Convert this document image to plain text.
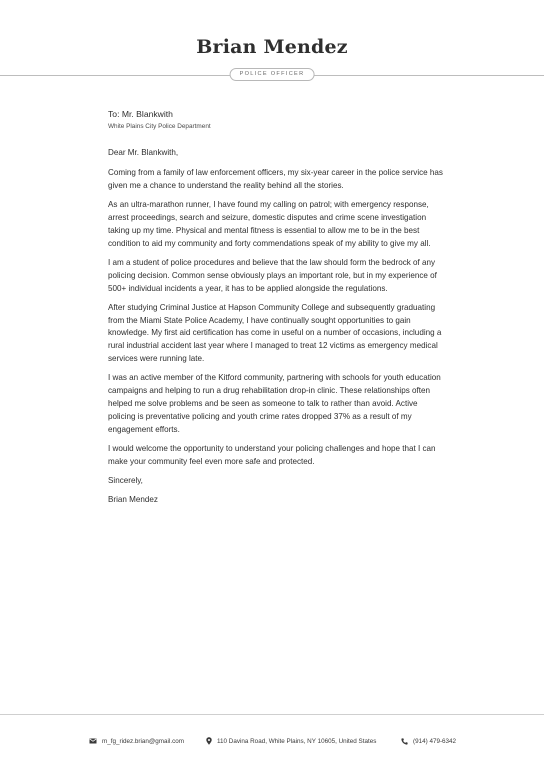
Brian Mendez
POLICE OFFICER
To: Mr. Blankwith
White Plains City Police Department

Dear Mr. Blankwith,

Coming from a family of law enforcement officers, my six-year career in the police service has given me a chance to understand the reality behind all the stories.

As an ultra-marathon runner, I have found my calling on patrol; with emergency response, arrest proceedings, search and seizure, domestic disputes and crime scene investigation taking up my time. Physical and mental fitness is essential to allow me to be in the best condition to aid my community and forty commendations speak of my ability to give my all.

I am a student of police procedures and believe that the law should form the bedrock of any policing decision. Common sense obviously plays an important role, but in my experience of 500+ individual incidents a year, it has to be applied alongside the regulations.

After studying Criminal Justice at Hapson Community College and subsequently graduating from the Miami State Police Academy, I have continually sought opportunities to gain knowledge. My first aid certification has come in useful on a number of occasions, including a rural industrial accident last year where I managed to treat 12 victims as emergency medical services were running late.

I was an active member of the Kitford community, partnering with schools for youth education campaigns and helping to run a drug rehabilitation drop-in clinic. These relationships often helped me solve problems and be seen as someone to talk to rather than avoid. Active policing is preventative policing and youth crime rates dropped 37% as a result of my engagement efforts.

I would welcome the opportunity to understand your policing challenges and hope that I can make your community feel even more safe and protected.

Sincerely,

Brian Mendez

m_fg_ridez.brian@gmail.com	110 Davina Road, White Plains, NY 10605, United States	(914) 479-6342
